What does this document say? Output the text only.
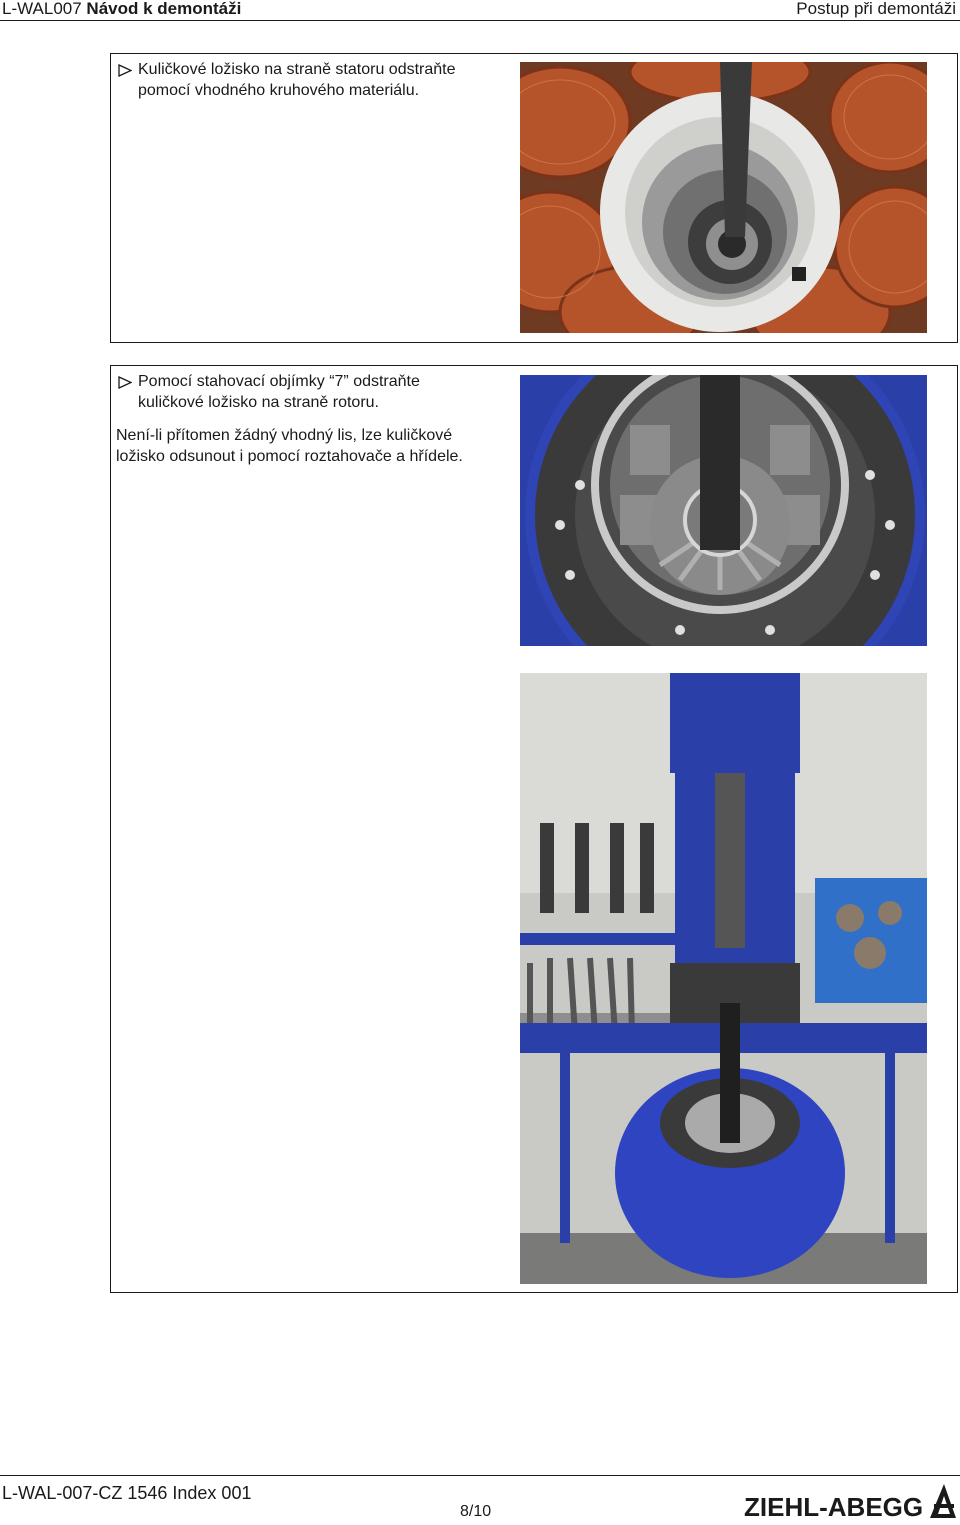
L-WAL007 Návod k demontáži	Postup při demontáži
Kuličkové ložisko na straně statoru odstraňte
pomocí vhodného kruhového materiálu.
Pomocí stahovací objímky “7” odstraňte
kuličkové ložisko na straně rotoru.
Není-li přítomen žádný vhodný lis, lze kuličkové
ložisko odsunout i pomocí roztahovače a hřídele.
L-WAL-007-CZ 1546 Index 001
8/10	ZIEHL-ABEGG
